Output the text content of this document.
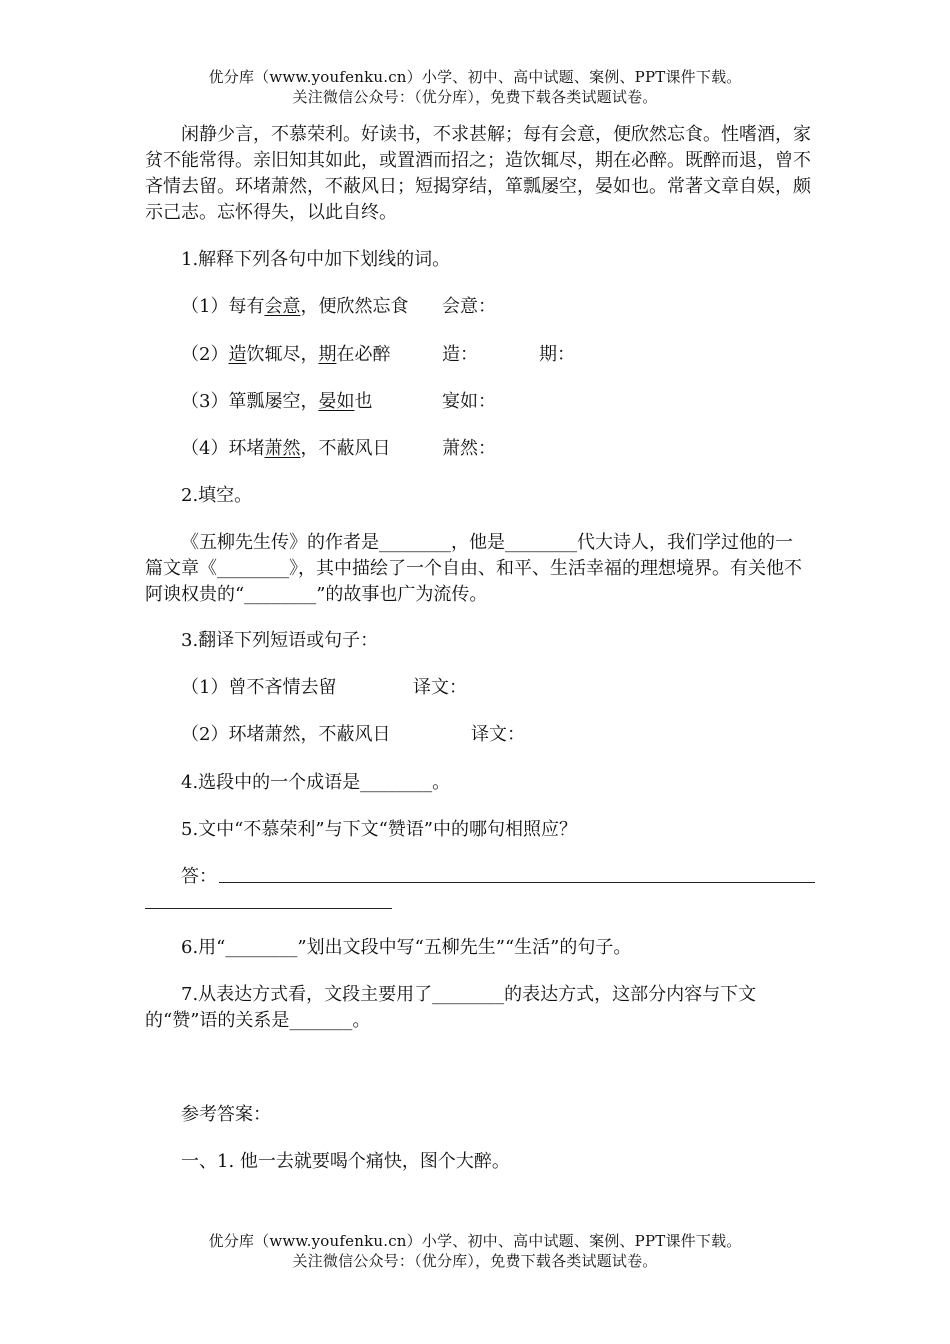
优分库（www.youfenku.cn）小学、初中、高中试题、案例、PPT课件下载。
关注微信公众号：（优分库），免费下载各类试题试卷。

闲静少言，不慕荣利。好读书，不求甚解；每有会意，便欣然忘食。性嗜酒，家贫不能常得。亲旧知其如此，或置酒而招之；造饮辄尽，期在必醉。既醉而退，曾不吝情去留。环堵萧然，不蔽风日；短揭穿结，箪瓢屡空，晏如也。常著文章自娱，颇示己志。忘怀得失，以此自终。

1.解释下列各句中加下划线的词。
（1）每有会意，便欣然忘食 会意：
（2）造饮辄尽，期在必醉	造：	期：
（3）箪瓢屡空，晏如也	宴如：
（4）环堵萧然，不蔽风日	萧然：
2.填空。

《五柳先生传》的作者是________，他是________代大诗人，我们学过他的一篇文章《________》，其中描绘了一个自由、和平、生活幸福的理想境界。有关他不阿谀权贵的“________”的故事也广为流传。

3.翻译下列短语或句子：
（1）曾不吝情去留	译文：
（2）环堵萧然，不蔽风日	译文：
4.选段中的一个成语是________。
5.文中“不慕荣利”与下文“赞语”中的哪句相照应？
答：
6.用“________”划出文段中写“五柳先生”“生活”的句子。

7.从表达方式看，文段主要用了________的表达方式，这部分内容与下文的“赞”语的关系是_______。

参考答案：
一、1. 他一去就要喝个痛快，图个大醉。
优分库（www.youfenku.cn）小学、初中、高中试题、案例、PPT课件下载。
关注微信公众号：（优分库），免费下载各类试题试卷。
